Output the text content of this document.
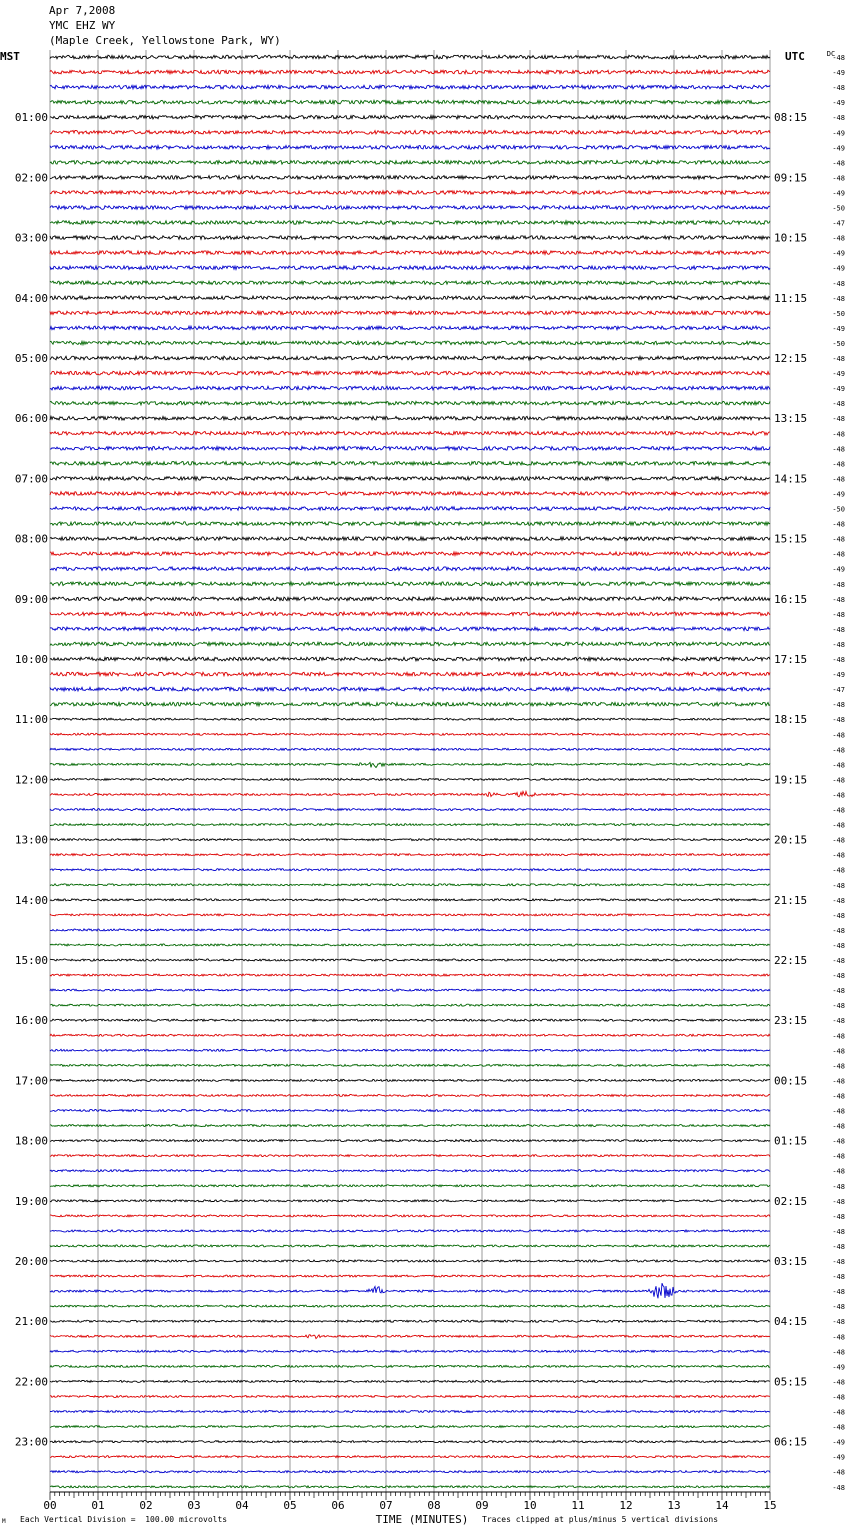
Apr 7,2008
YMC EHZ WY
(Maple Creek, Yellowstone Park, WY)
MST	UTC
M Each Vertical Division =  100.00 microvolts	Traces clipped at plus/minus 5 vertical divisions
-48
-49
-48
-49
-48
-49
-49
-48
-48
-49
-50
-47
-48
-49
-49
-48
-48
-50
-49
-50
-48
-49
-49
-48
-48
-48
-48
-48
-48
-49
-50
-48
-48
-48
-49
-48
-48
-48
-48
-48
-48
-49
-47
-48
-48
-48
-48
-48
-48
-48
-48
-48
-48
-48
-48
-48
-48
-48
-48
-48
-48
-48
-48
-48
-48
-48
-48
-48
-48
-48
-48
-48
-48
-48
-48
-48
-48
-48
-48
-48
-48
-48
-48
-48
-48
-48
-48
-49
-48
-48
-48
-48
-49
-49
-48
-48
DC
01:00
02:00
03:00
04:00
05:00
06:00
07:00
08:00
09:00
10:00
11:00
12:00
13:00
14:00
15:00
16:00
17:00
18:00
19:00
20:00
21:00
22:00
23:00
08:15
09:15
10:15
11:15
12:15
13:15
14:15
15:15
16:15
17:15
18:15
19:15
20:15
21:15
22:15
23:15
00:15
01:15
02:15
03:15
04:15
05:15
06:15
00	01	02	03	04	05	06	07	08	09	10	11	12	13	14	15
TIME (MINUTES)
